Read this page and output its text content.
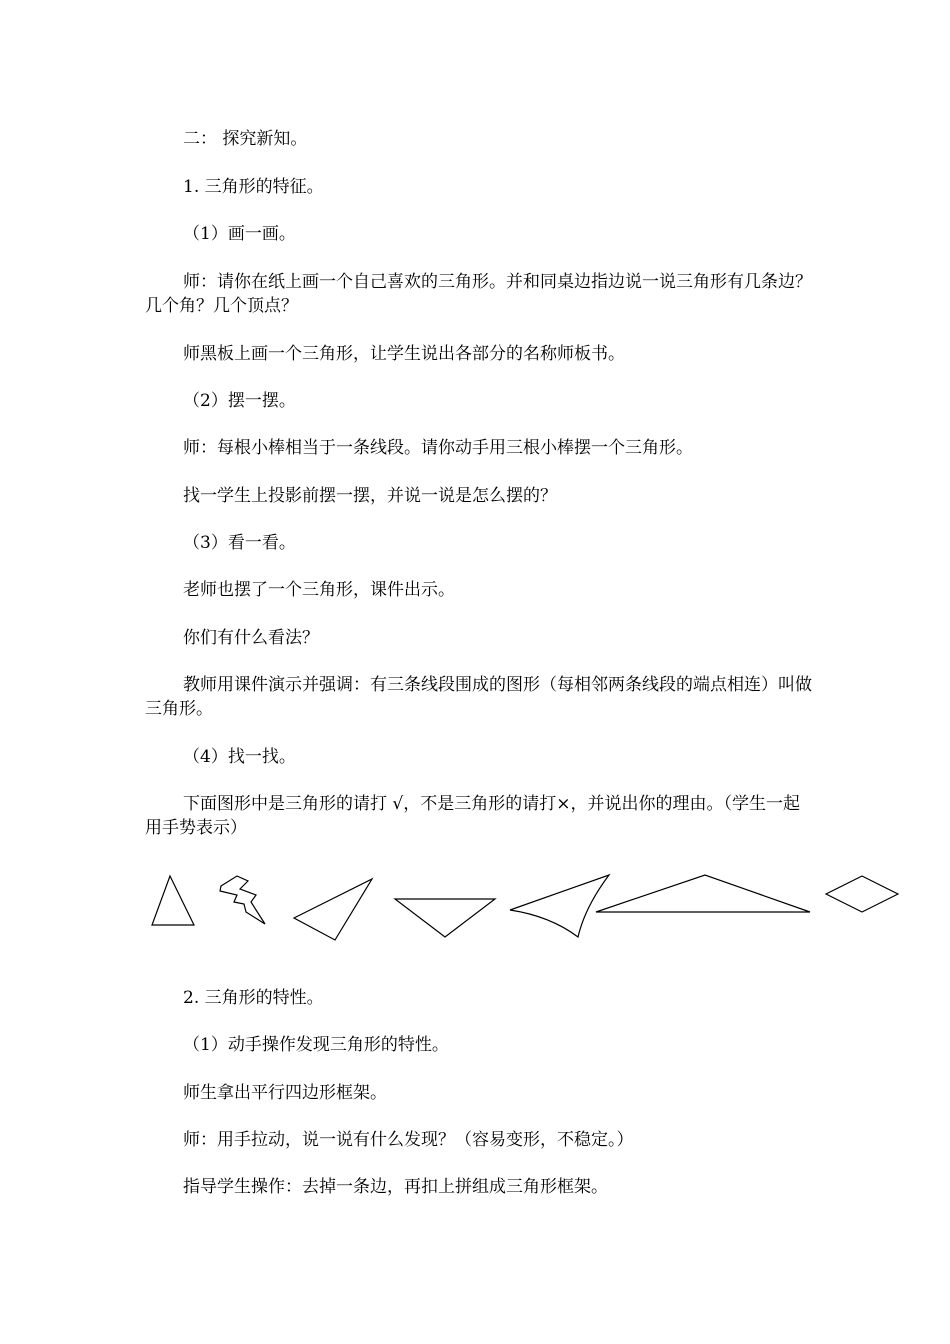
二： 探究新知。
1. 三角形的特征。
（1）画一画。
师：请你在纸上画一个自己喜欢的三角形。并和同桌边指边说一说三角形有几条边？几个角？几个顶点？
师黑板上画一个三角形，让学生说出各部分的名称师板书。
（2）摆一摆。
师：每根小棒相当于一条线段。请你动手用三根小棒摆一个三角形。
找一学生上投影前摆一摆，并说一说是怎么摆的？
（3）看一看。
老师也摆了一个三角形，课件出示。
你们有什么看法？
教师用课件演示并强调：有三条线段围成的图形（每相邻两条线段的端点相连）叫做三角形。
（4）找一找。
下面图形中是三角形的请打 √，不是三角形的请打×，并说出你的理由。（学生一起用手势表示）
2. 三角形的特性。
（1）动手操作发现三角形的特性。
师生拿出平行四边形框架。
师：用手拉动，说一说有什么发现？（容易变形，不稳定。）
指导学生操作：去掉一条边，再扣上拼组成三角形框架。
